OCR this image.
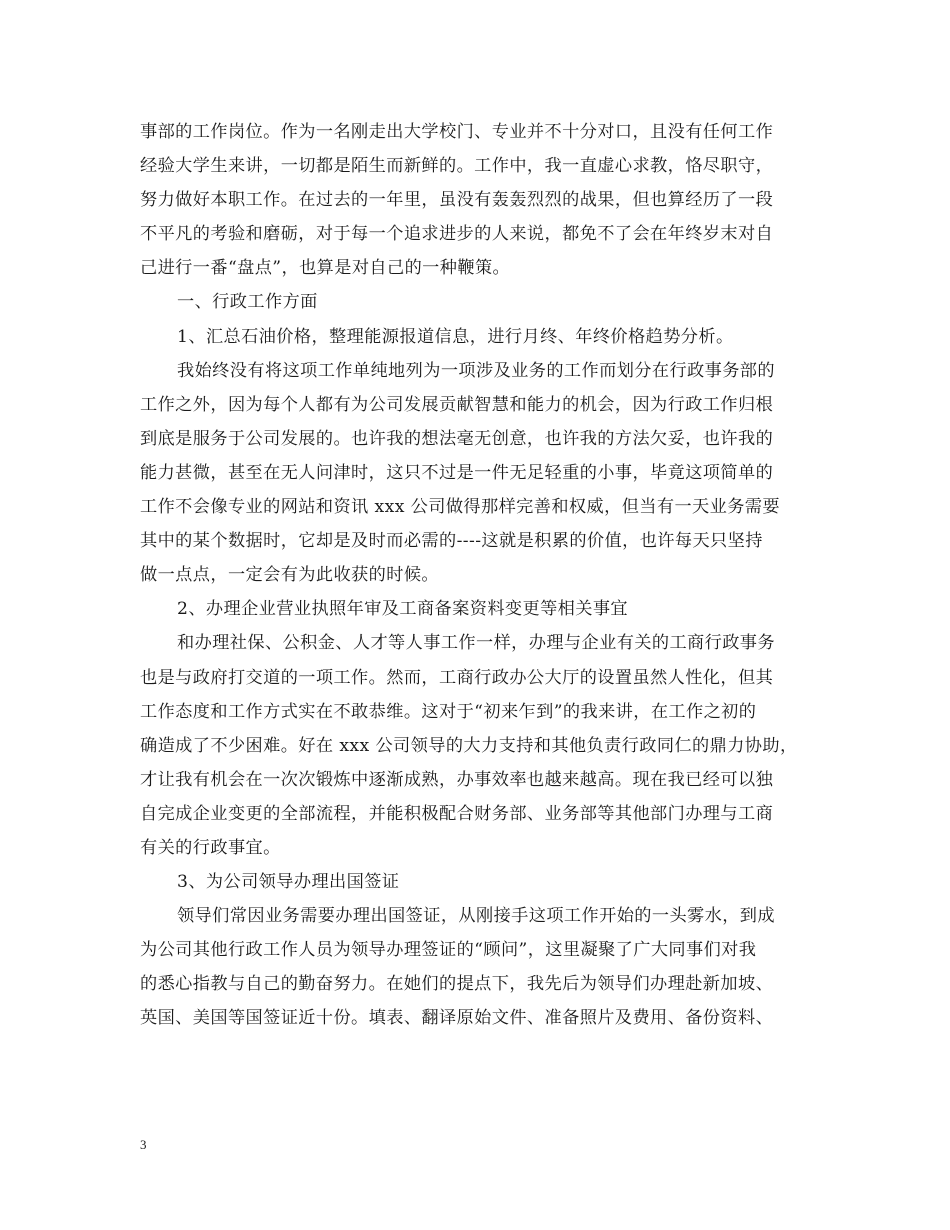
事部的工作岗位。作为一名刚走出大学校门、专业并不十分对口，且没有任何工作
经验大学生来讲，一切都是陌生而新鲜的。工作中，我一直虚心求教，恪尽职守，
努力做好本职工作。在过去的一年里，虽没有轰轰烈烈的战果，但也算经历了一段
不平凡的考验和磨砺，对于每一个追求进步的人来说，都免不了会在年终岁末对自
己进行一番“盘点”，也算是对自己的一种鞭策。
一、行政工作方面
1、汇总石油价格，整理能源报道信息，进行月终、年终价格趋势分析。
我始终没有将这项工作单纯地列为一项涉及业务的工作而划分在行政事务部的
工作之外，因为每个人都有为公司发展贡献智慧和能力的机会，因为行政工作归根
到底是服务于公司发展的。也许我的想法毫无创意，也许我的方法欠妥，也许我的
能力甚微，甚至在无人问津时，这只不过是一件无足轻重的小事，毕竟这项简单的
工作不会像专业的网站和资讯 xxx 公司做得那样完善和权威，但当有一天业务需要
其中的某个数据时，它却是及时而必需的----这就是积累的价值，也许每天只坚持
做一点点，一定会有为此收获的时候。
2、办理企业营业执照年审及工商备案资料变更等相关事宜
和办理社保、公积金、人才等人事工作一样，办理与企业有关的工商行政事务
也是与政府打交道的一项工作。然而，工商行政办公大厅的设置虽然人性化，但其
工作态度和工作方式实在不敢恭维。这对于“初来乍到”的我来讲，在工作之初的
确造成了不少困难。好在 xxx 公司领导的大力支持和其他负责行政同仁的鼎力协助，
才让我有机会在一次次锻炼中逐渐成熟，办事效率也越来越高。现在我已经可以独
自完成企业变更的全部流程，并能积极配合财务部、业务部等其他部门办理与工商
有关的行政事宜。
3、为公司领导办理出国签证
领导们常因业务需要办理出国签证，从刚接手这项工作开始的一头雾水，到成
为公司其他行政工作人员为领导办理签证的“顾问”，这里凝聚了广大同事们对我
的悉心指教与自己的勤奋努力。在她们的提点下，我先后为领导们办理赴新加坡、
英国、美国等国签证近十份。填表、翻译原始文件、准备照片及费用、备份资料、
3
